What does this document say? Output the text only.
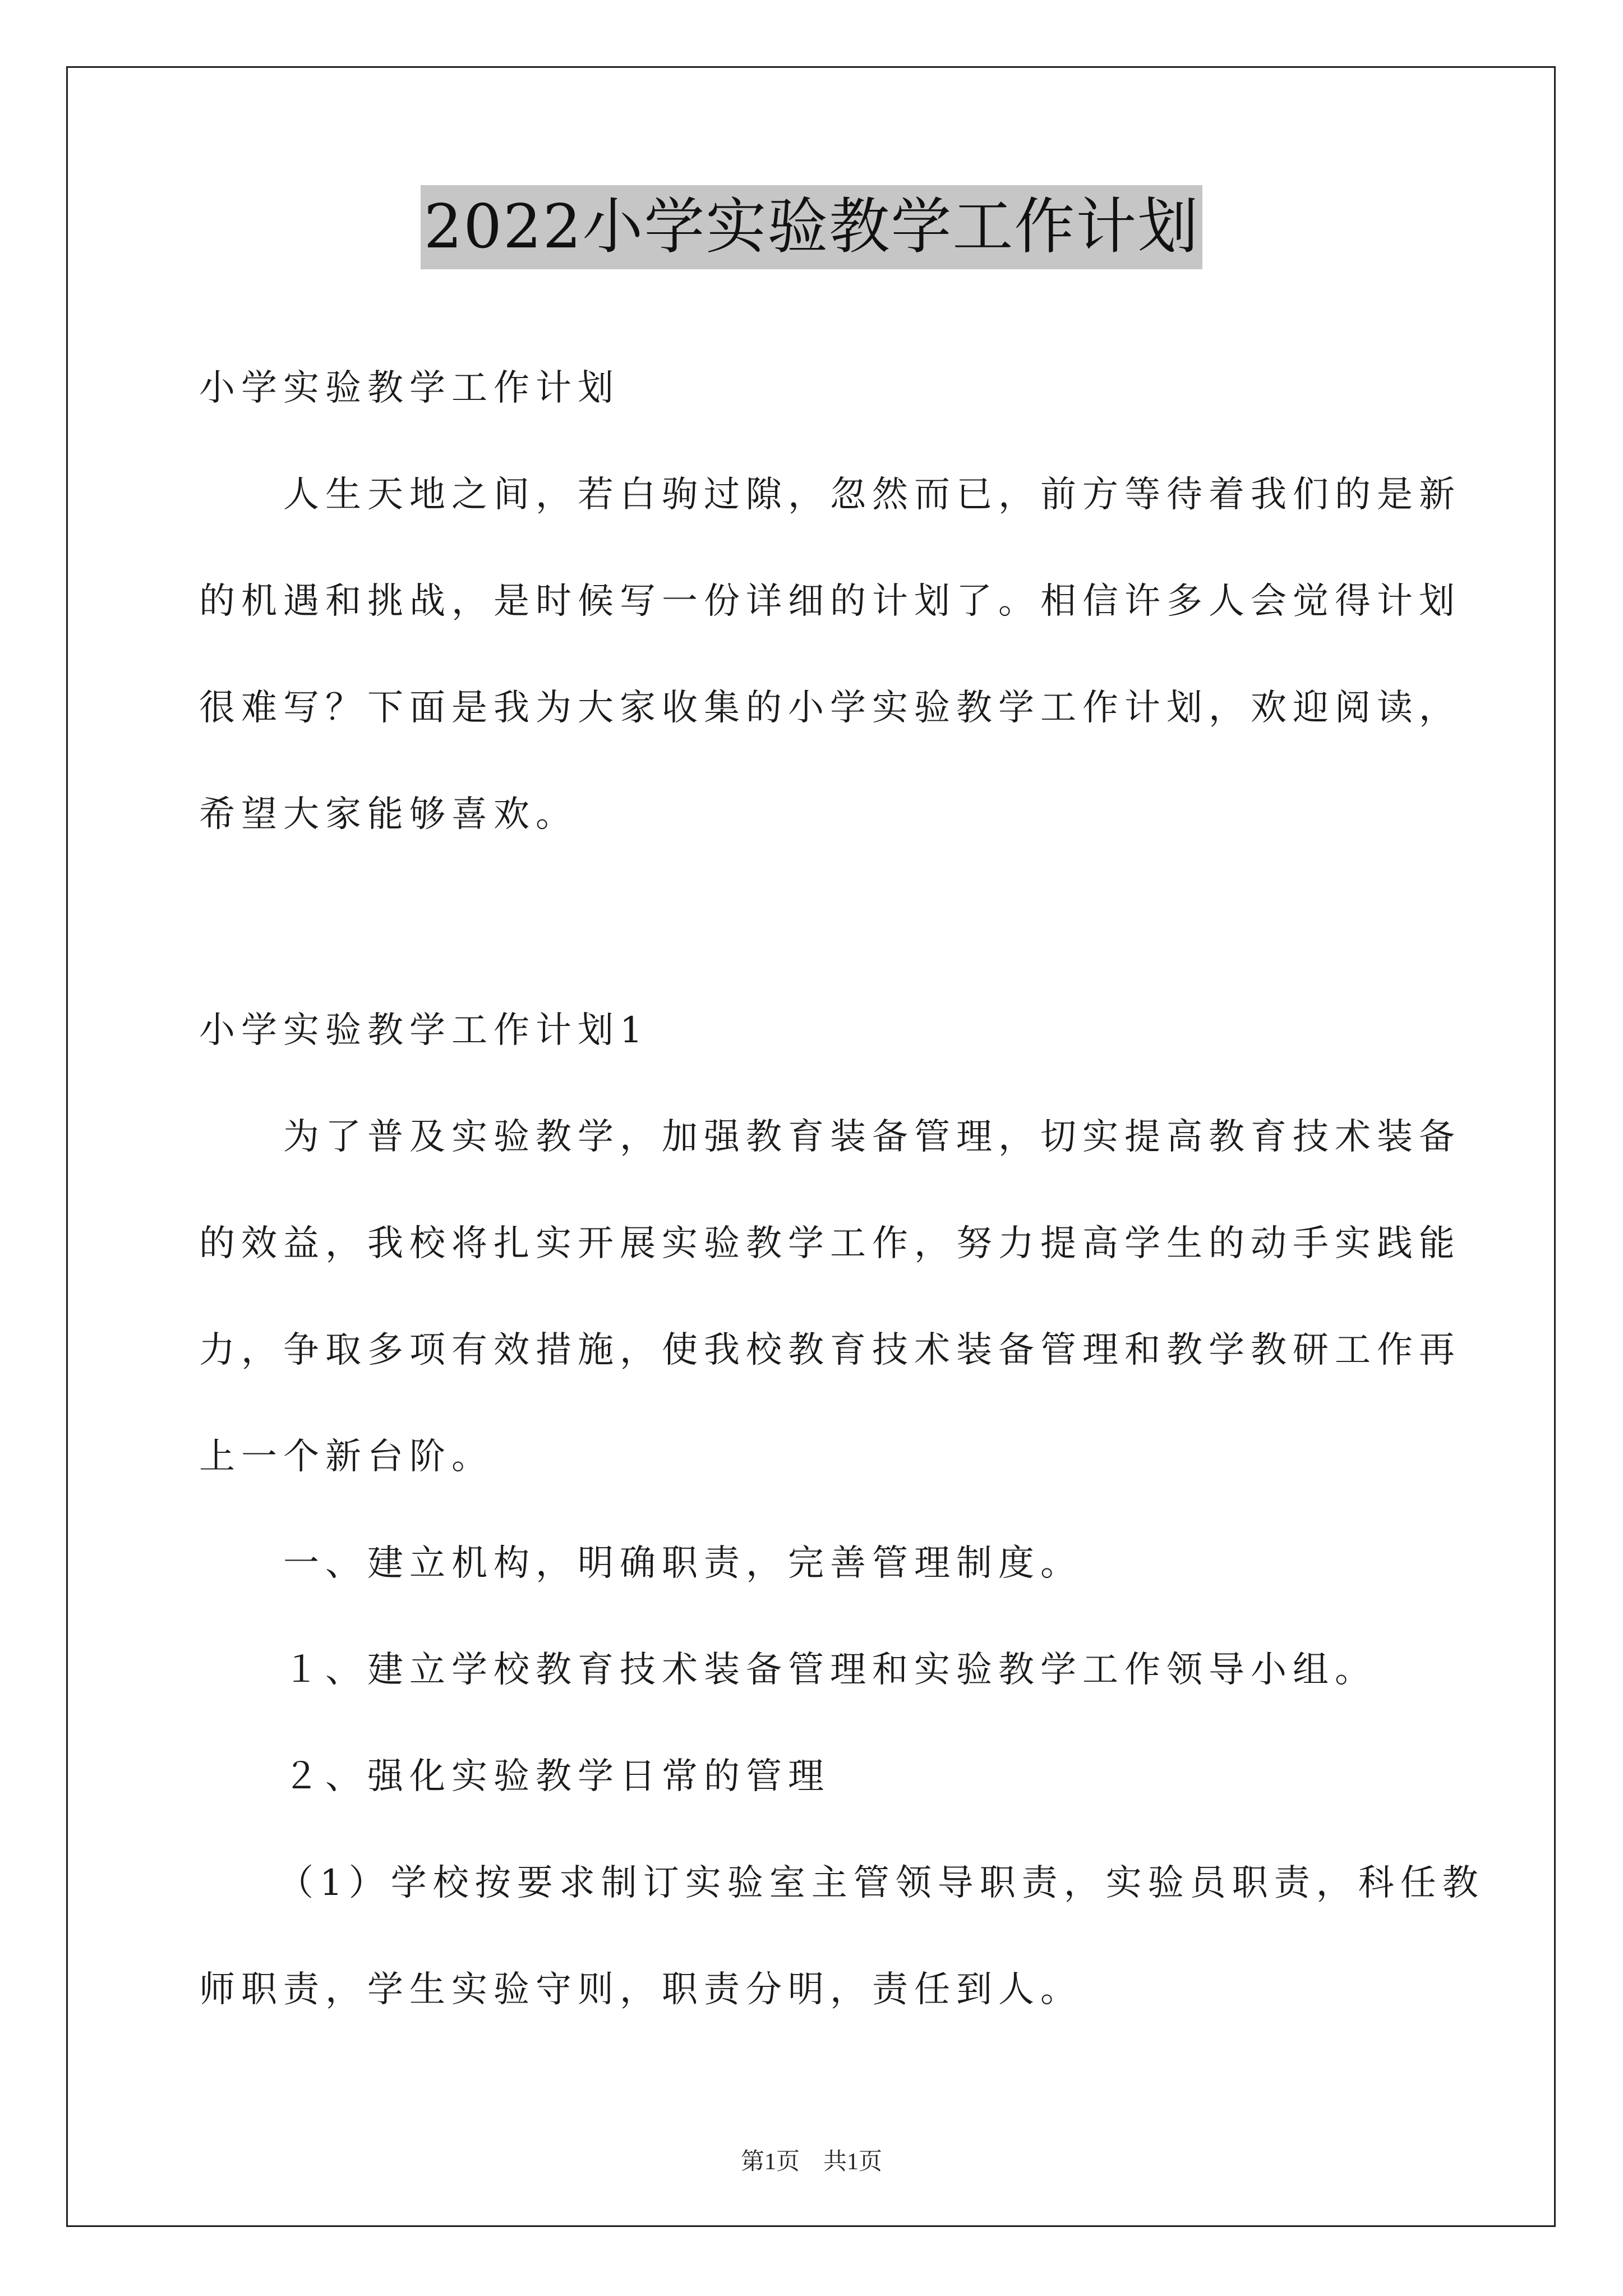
2022小学实验教学工作计划
小学实验教学工作计划
人生天地之间，若白驹过隙，忽然而已，前方等待着我们的是新
的机遇和挑战，是时候写一份详细的计划了。相信许多人会觉得计划
很难写？下面是我为大家收集的小学实验教学工作计划，欢迎阅读，
希望大家能够喜欢。
小学实验教学工作计划1
为了普及实验教学，加强教育装备管理，切实提高教育技术装备
的效益，我校将扎实开展实验教学工作，努力提高学生的动手实践能
力，争取多项有效措施，使我校教育技术装备管理和教学教研工作再
上一个新台阶。
一、建立机构，明确职责，完善管理制度。
１、建立学校教育技术装备管理和实验教学工作领导小组。
２、强化实验教学日常的管理
（1）学校按要求制订实验室主管领导职责，实验员职责，科任教
师职责，学生实验守则，职责分明，责任到人。
第1页　共1页
